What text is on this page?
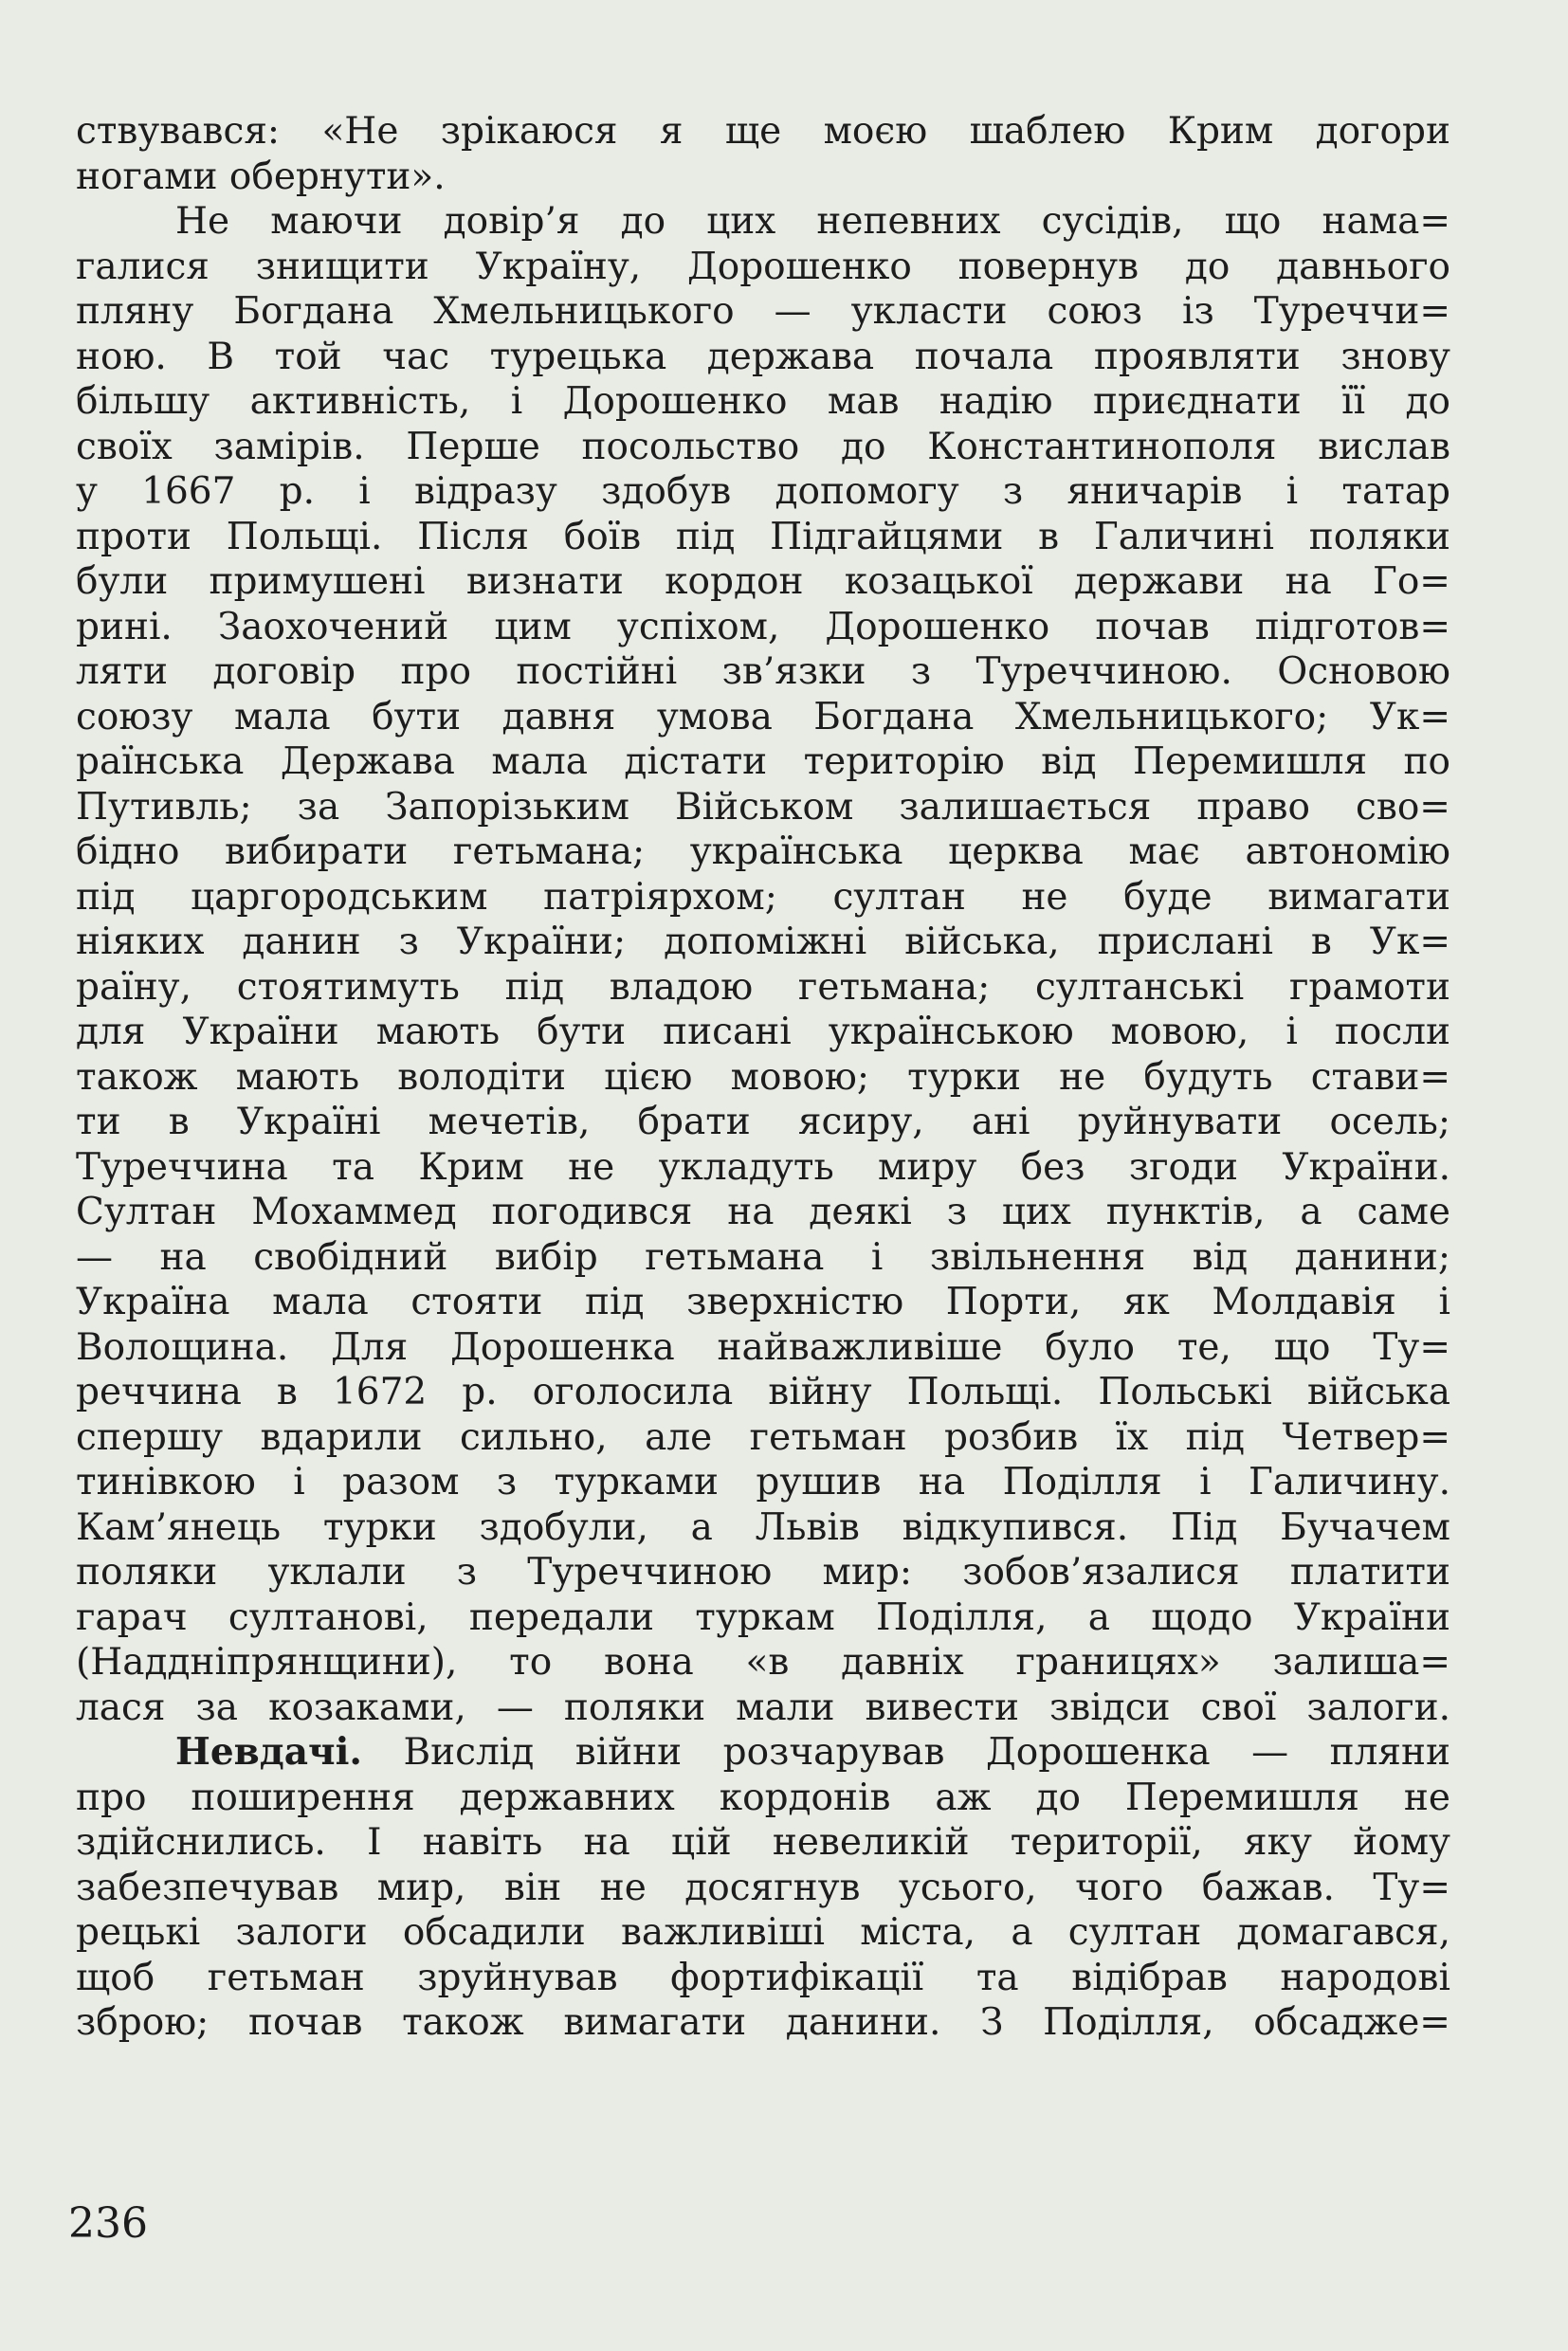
ствувався: «Не зрікаюся я ще моєю шаблею Крим догори
ногами обернути».
Не маючи довір’я до цих непевних сусідів, що нама=
галися знищити Україну, Дорошенко повернув до давнього
пляну Богдана Хмельницького — укласти союз із Туреччи=
ною. В той час турецька держава почала проявляти знову
більшу активність, і Дорошенко мав надію приєднати її до
своїх замірів. Перше посольство до Константинополя вислав
у 1667 р. і відразу здобув допомогу з яничарів і татар
проти Польщі. Після боїв під Підгайцями в Галичині поляки
були примушені визнати кордон козацької держави на Го=
рині. Заохочений цим успіхом, Дорошенко почав підготов=
ляти договір про постійні зв’язки з Туреччиною. Основою
союзу мала бути давня умова Богдана Хмельницького; Ук=
раїнська Держава мала дістати територію від Перемишля по
Путивль; за Запорізьким Військом залишається право сво=
бідно вибирати гетьмана; українська церква має автономію
під царгородським патріярхом; султан не буде вимагати
ніяких данин з України; допоміжні війська, прислані в Ук=
раїну, стоятимуть під владою гетьмана; султанські грамоти
для України мають бути писані українською мовою, і посли
також мають володіти цією мовою; турки не будуть стави=
ти в Україні мечетів, брати ясиру, ані руйнувати осель;
Туреччина та Крим не укладуть миру без згоди України.
Султан Мохаммед погодився на деякі з цих пунктів, а саме
— на свобідний вибір гетьмана і звільнення від данини;
Україна мала стояти під зверхністю Порти, як Молдавія і
Волощина. Для Дорошенка найважливіше було те, що Ту=
реччина в 1672 р. оголосила війну Польщі. Польські війська
спершу вдарили сильно, але гетьман розбив їх під Четвер=
тинівкою і разом з турками рушив на Поділля і Галичину.
Кам’янець турки здобули, а Львів відкупився. Під Бучачем
поляки уклали з Туреччиною мир: зобов’язалися платити
гарач султанові, передали туркам Поділля, а щодо України
(Наддніпрянщини), то вона «в давніх границях» залиша=
лася за козаками, — поляки мали вивести звідси свої залоги.
Невдачі. Вислід війни розчарував Дорошенка — пляни
про поширення державних кордонів аж до Перемишля не
здійснились. І навіть на цій невеликій території, яку йому
забезпечував мир, він не досягнув усього, чого бажав. Ту=
рецькі залоги обсадили важливіші міста, а султан домагався,
щоб гетьман зруйнував фортифікації та відібрав народові
зброю; почав також вимагати данини. З Поділля, обсадже=
236
